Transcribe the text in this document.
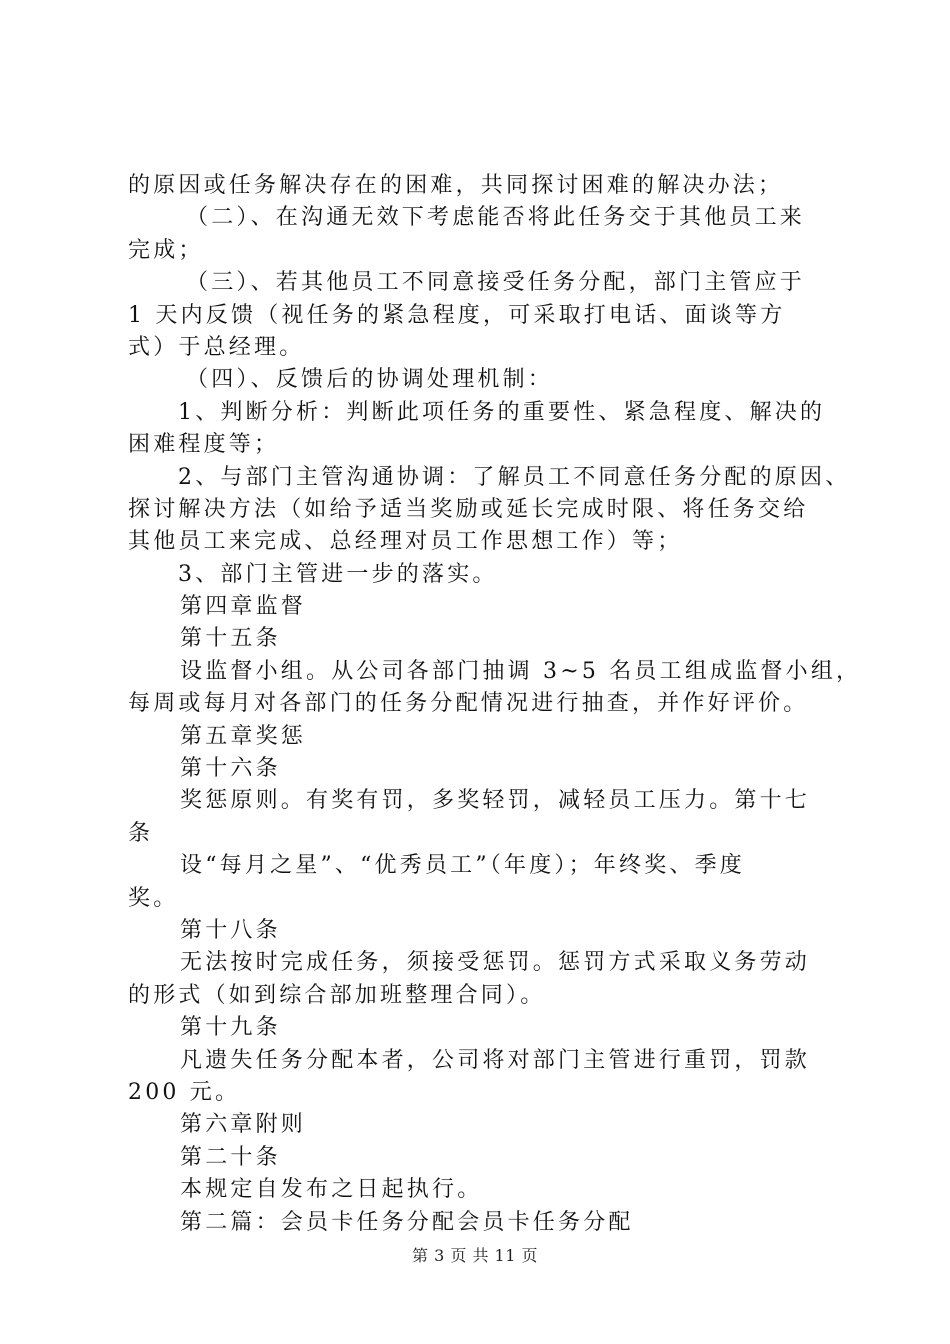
的原因或任务解决存在的困难，共同探讨困难的解决办法；
（二）、在沟通无效下考虑能否将此任务交于其他员工来
完成；
（三）、若其他员工不同意接受任务分配，部门主管应于
1 天内反馈（视任务的紧急程度，可采取打电话、面谈等方
式）于总经理。
（四）、反馈后的协调处理机制：
1、判断分析：判断此项任务的重要性、紧急程度、解决的
困难程度等；
2、与部门主管沟通协调：了解员工不同意任务分配的原因、
探讨解决方法（如给予适当奖励或延长完成时限、将任务交给
其他员工来完成、总经理对员工作思想工作）等；
3、部门主管进一步的落实。
第四章监督
第十五条
设监督小组。从公司各部门抽调 3~5 名员工组成监督小组，
每周或每月对各部门的任务分配情况进行抽查，并作好评价。
第五章奖惩
第十六条
奖惩原则。有奖有罚，多奖轻罚，减轻员工压力。第十七
条
设“每月之星”、“优秀员工”（年度）；年终奖、季度
奖。
第十八条
无法按时完成任务，须接受惩罚。惩罚方式采取义务劳动
的形式（如到综合部加班整理合同）。
第十九条
凡遗失任务分配本者，公司将对部门主管进行重罚，罚款
200 元。
第六章附则
第二十条
本规定自发布之日起执行。
第二篇：会员卡任务分配会员卡任务分配
第 3 页 共 11 页
